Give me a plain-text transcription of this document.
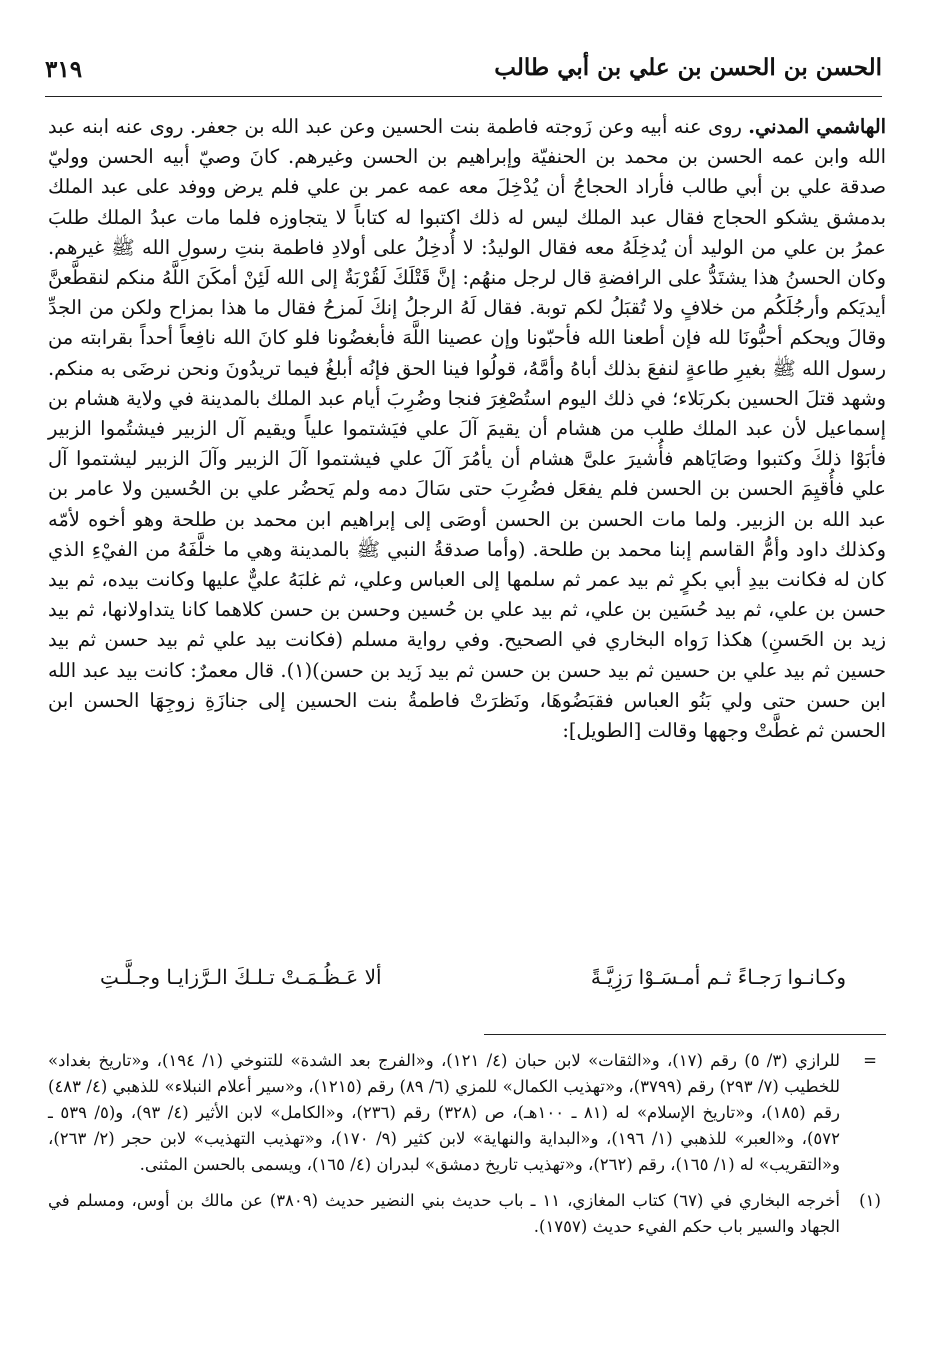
الحسن بن الحسن بن علي بن أبي طالب
٣١٩

الهاشمي المدني. روى عنه أبيه وعن زَوجته فاطمة بنت الحسين وعن عبد الله بن جعفر. روى عنه ابنه عبد الله وابن عمه الحسن بن محمد بن الحنفيّة وإبراهيم بن الحسن وغيرهم. كانَ وصيّ أبيه الحسن ووليّ صدقة علي بن أبي طالب فأراد الحجاجُ أن يُدْخِلَ معه عمه عمر بن علي فلم يرض ووفد على عبد الملك بدمشق يشكو الحجاج فقال عبد الملك ليس له ذلك اكتبوا له كتاباً لا يتجاوزه فلما مات عبدُ الملك طلبَ عمرُ بن علي من الوليد أن يُدخِلَهُ معه فقال الوليدُ: لا أُدخِلُ على أولادِ فاطمة بنتِ رسولِ الله ﷺ غيرهم. وكان الحسنُ هذا يشتَدُّ على الرافضةِ قال لرجل منهُم: إنَّ قَتْلَكَ لَقُرْبَةٌ إلى الله لَئِنْ أمكَنَ اللَّهُ منكم لنقطَّعنَّ أيديَكم وأرجُلَكُم من خلافٍ ولا تُقبَلُ لكم توبة. فقال لَهُ الرجلُ إنكَ لَمزحُ فقال ما هذا بمزاح ولكن من الجدِّ وقالَ ويحكم أحبُّونَا لله فإن أطعنا الله فأحبّونا وإن عصينا اللَّهَ فأبغضُونا فلو كانَ الله نافِعاً أحداً بقرابته من رسول الله ﷺ بغيرِ طاعةٍ لنفعَ بذلك أباهُ وأمَّهُ، قولُوا فينا الحق فإنُه أبلغُ فيما تريدُونَ ونحن نرضَى به منكم. وشهد قتلَ الحسين بكربَلاء؛ في ذلك اليوم استُصْغِرَ فنجا وضُرِبَ أيام عبد الملك بالمدينة في ولاية هشام بن إسماعيل لأن عبد الملك طلب من هشام أن يقيمَ آلَ علي فيَشتموا علياً ويقيم آل الزبير فيشتُموا الزبير فأبَوْا ذلكَ وكتبوا وصَايَاهم فأُشيرَ علىَّ هشام أن يأمُرَ آلَ علي فيشتموا آلَ الزبير وآلَ الزبير ليشتموا آل علي فأُقيِمَ الحسن بن الحسن فلم يفعَل فضُرِبَ حتى سَالَ دمه ولم يَحضُر علي بن الحُسين ولا عامر بن عبد الله بن الزبير. ولما مات الحسن بن الحسن أوصَى إلى إبراهيم ابن محمد بن طلحة وهو أخوه لأمّه وكذلك داود وأمُّ القاسم إبنا محمد بن طلحة. (وأما صدقةُ النبي ﷺ بالمدينة وهي ما خلَّفَهُ من الفيْءِ الذي كان له فكانت بيدِ أبي بكرٍ ثم بيد عمر ثم سلمها إلى العباس وعلي، ثم غلبَهُ عليٌّ عليها وكانت بيده، ثم بيد حسن بن علي، ثم بيد حُسَين بن علي، ثم بيد علي بن حُسين وحسن بن حسن كلاهما كانا يتداولانها، ثم بيد زيد بن الحَسنِ) هكذا رَواه البخاري في الصحيح. وفي رواية مسلم (فكانت بيد علي ثم بيد حسن ثم بيد حسين ثم بيد علي بن حسين ثم بيد حسن بن حسن ثم بيد زَيد بن حسن)(١). قال معمرٌ: كانت بيد عبد الله ابن حسن حتى ولي بَنُو العباس فقبَضُوهَا، ونَظرَتْ فاطمةُ بنت الحسين إلى جنازَةِ زوجِهَا الحسن ابن الحسن ثم غطَّتْ وجهها وقالت [الطويل]:

وكـانـوا رَجـاءً ثـم أمـسَـوْا رَزِيَّـةً
ألا عَـظُـمَـتْ تـلـكَ الـرَّزايـا وجـلَّـتِ
=
للرازي (٣/ ٥) رقم (١٧)، و«الثقات» لابن حبان (٤/ ١٢١)، و«الفرج بعد الشدة» للتنوخي (١/ ١٩٤)، و«تاريخ بغداد» للخطيب (٧/ ٢٩٣) رقم (٣٧٩٩)، و«تهذيب الكمال» للمزي (٦/ ٨٩) رقم (١٢١٥)، و«سير أعلام النبلاء» للذهبي (٤/ ٤٨٣) رقم (١٨٥)، و«تاريخ الإسلام» له (٨١ ـ ١٠٠هـ)، ص (٣٢٨) رقم (٢٣٦)، و«الكامل» لابن الأثير (٤/ ٩٣)، و(٥/ ٥٣٩ ـ ٥٧٢)، و«العبر» للذهبي (١/ ١٩٦)، و«البداية والنهاية» لابن كثير (٩/ ١٧٠)، و«تهذيب التهذيب» لابن حجر (٢/ ٢٦٣)، و«التقريب» له (١/ ١٦٥)، رقم (٢٦٢)، و«تهذيب تاريخ دمشق» لبدران (٤/ ١٦٥)، ويسمى بالحسن المثنى.
(١)
أخرجه البخاري في (٦٧) كتاب المغازي، ١١ ـ باب حديث بني النضير حديث (٣٨٠٩) عن مالك بن أوس، ومسلم في الجهاد والسير باب حكم الفيء حديث (١٧٥٧).
